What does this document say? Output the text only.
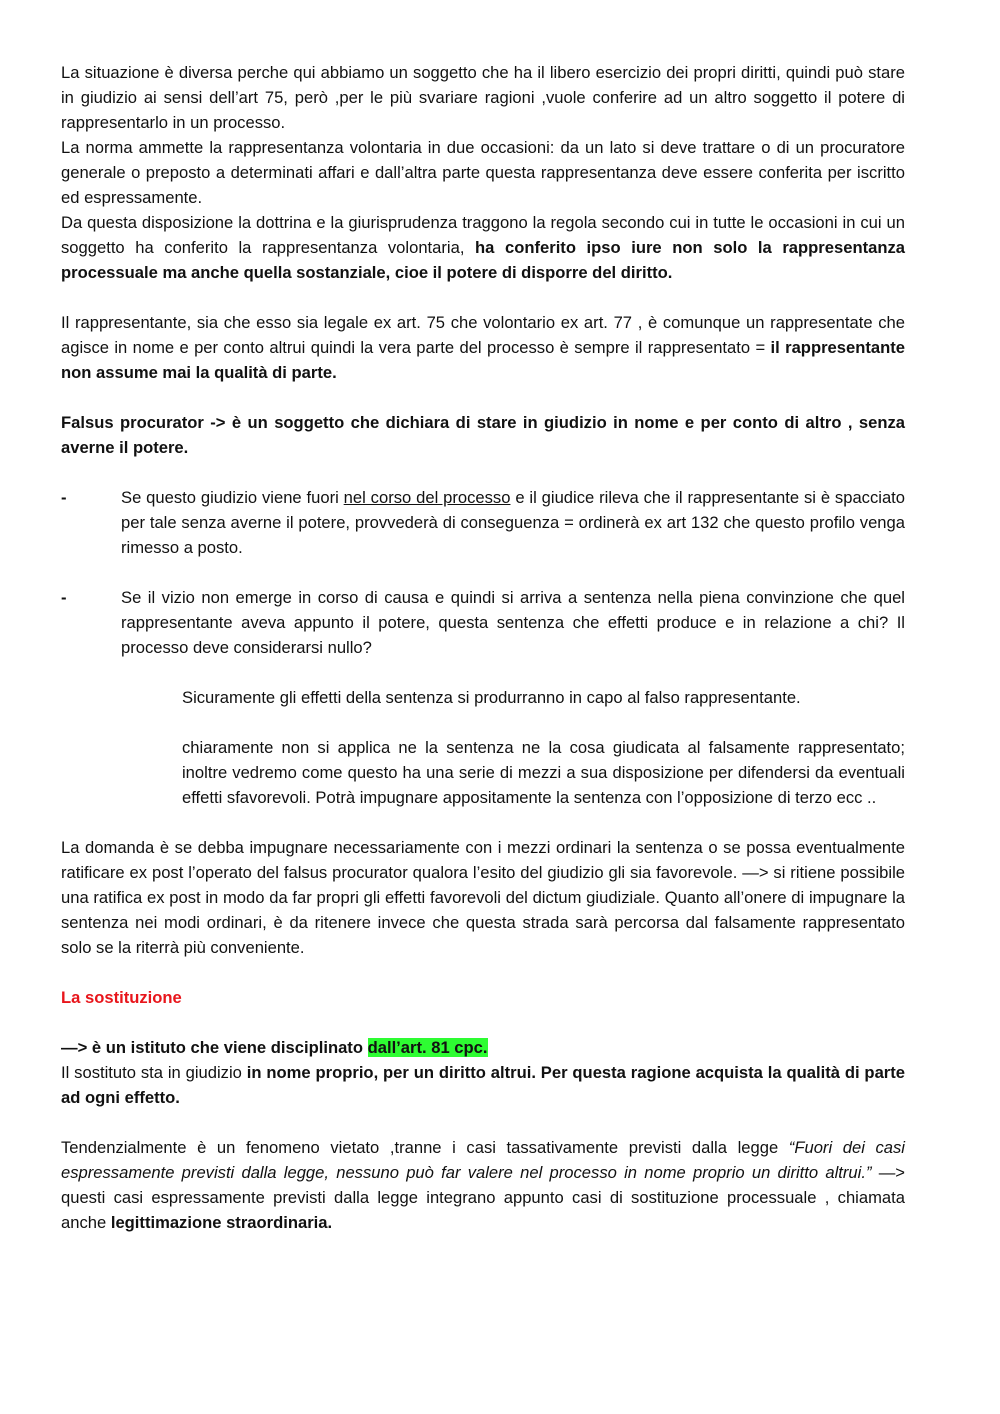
La situazione è diversa perche qui abbiamo un soggetto che ha il libero esercizio dei propri diritti, quindi può stare in giudizio ai sensi dell’art 75, però ,per le più svariare ragioni ,vuole conferire ad un altro soggetto il potere di rappresentarlo in un processo.

La norma ammette la rappresentanza volontaria in due occasioni: da un lato si deve trattare o di un procuratore generale o preposto a determinati affari e dall’altra parte questa rappresentanza deve essere conferita per iscritto ed espressamente.

Da questa disposizione la dottrina e la giurisprudenza traggono la regola secondo cui in tutte le occasioni in cui un soggetto ha conferito la rappresentanza volontaria, ha conferito ipso iure non solo la rappresentanza processuale ma anche quella sostanziale, cioe il potere di disporre del diritto.

Il rappresentante, sia che esso sia legale ex art. 75 che volontario ex art. 77 , è comunque un rappresentate che agisce in nome e per conto altrui quindi la vera parte del processo è sempre il rappresentato = il rappresentante non assume mai la qualità di parte.

Falsus procurator -> è un soggetto che dichiara di stare in giudizio in nome e per conto di altro , senza averne il potere.

-	Se questo giudizio viene fuori nel corso del processo e il giudice rileva che il rappresentante si è spacciato per tale senza averne il potere, provvederà di conseguenza = ordinerà ex art 132 che questo profilo venga rimesso a posto.
-	Se il vizio non emerge in corso di causa e quindi si arriva a sentenza nella piena convinzione che quel rappresentante aveva appunto il potere, questa sentenza che effetti produce e in relazione a chi? Il processo deve considerarsi nullo?

Sicuramente gli effetti della sentenza si produrranno in capo al falso rappresentante.

chiaramente non si applica ne la sentenza ne la cosa giudicata al falsamente rappresentato; inoltre vedremo come questo ha una serie di mezzi a sua disposizione per difendersi da eventuali effetti sfavorevoli. Potrà impugnare appositamente la sentenza con l’opposizione di terzo ecc ..

La domanda è se debba impugnare necessariamente con i mezzi ordinari la sentenza o se possa eventualmente ratificare ex post l’operato del falsus procurator qualora l’esito del giudizio gli sia favorevole. —> si ritiene possibile una ratifica ex post in modo da far propri gli effetti favorevoli del dictum giudiziale. Quanto all’onere di impugnare la sentenza nei modi ordinari, è da ritenere invece che questa strada sarà percorsa dal falsamente rappresentato solo se la riterrà più conveniente.

La sostituzione

—> è un istituto che viene disciplinato dall’art. 81 cpc.

Il sostituto sta in giudizio in nome proprio, per un diritto altrui. Per questa ragione acquista la qualità di parte ad ogni effetto.

Tendenzialmente è un fenomeno vietato ,tranne i casi tassativamente previsti dalla legge “Fuori dei casi espressamente previsti dalla legge, nessuno può far valere nel processo in nome proprio un diritto altrui.” —> questi casi espressamente previsti dalla legge integrano appunto casi di sostituzione processuale , chiamata anche legittimazione straordinaria.
